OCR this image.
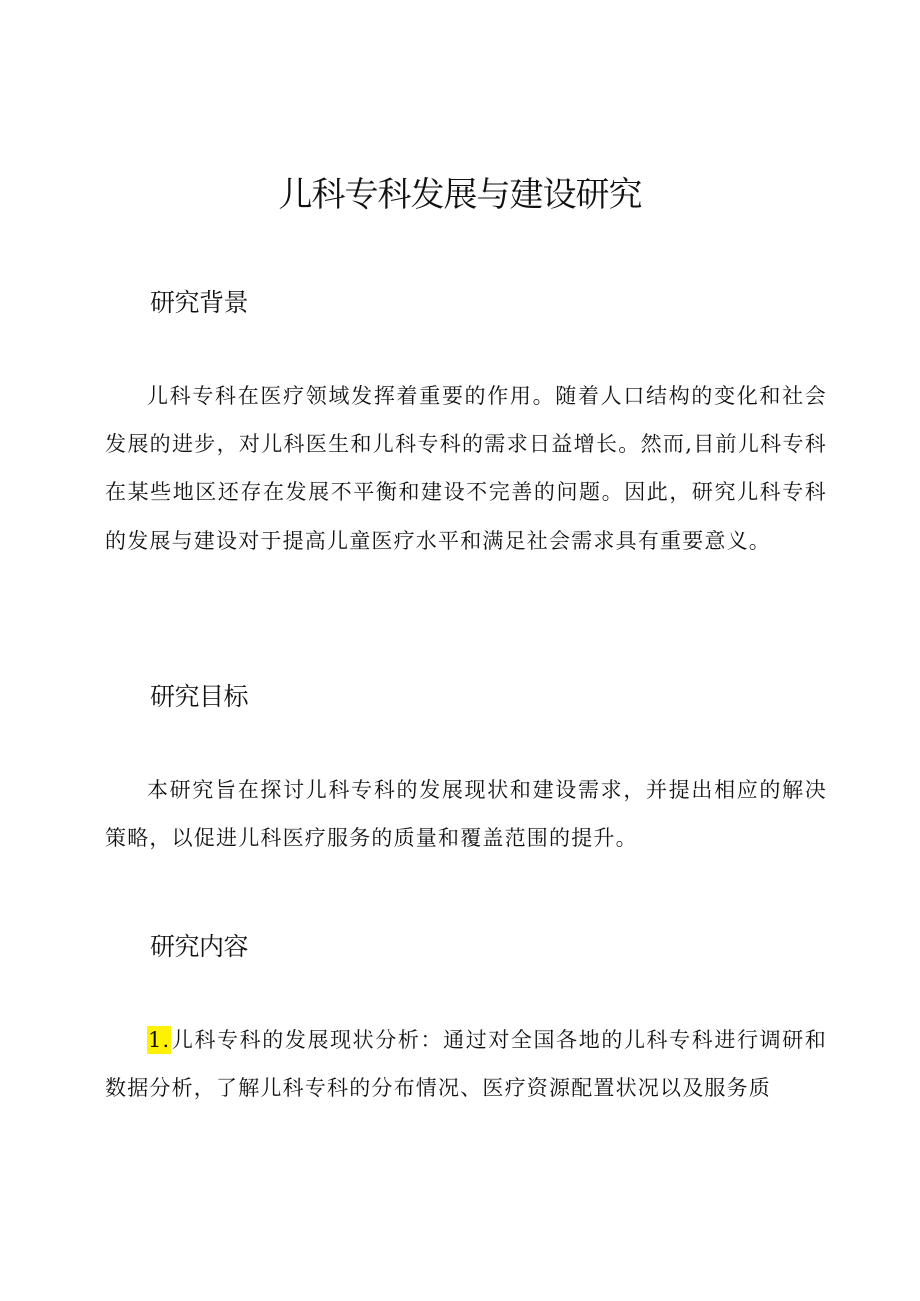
儿科专科发展与建设研究
研究背景

儿科专科在医疗领域发挥着重要的作用。随着人口结构的变化和社会发展的进步，对儿科医生和儿科专科的需求日益增长。然而,目前儿科专科在某些地区还存在发展不平衡和建设不完善的问题。因此，研究儿科专科的发展与建设对于提高儿童医疗水平和满足社会需求具有重要意义。

研究目标

本研究旨在探讨儿科专科的发展现状和建设需求，并提出相应的解决策略，以促进儿科医疗服务的质量和覆盖范围的提升。

研究内容

1.儿科专科的发展现状分析：通过对全国各地的儿科专科进行调研和数据分析，了解儿科专科的分布情况、医疗资源配置状况以及服务质
